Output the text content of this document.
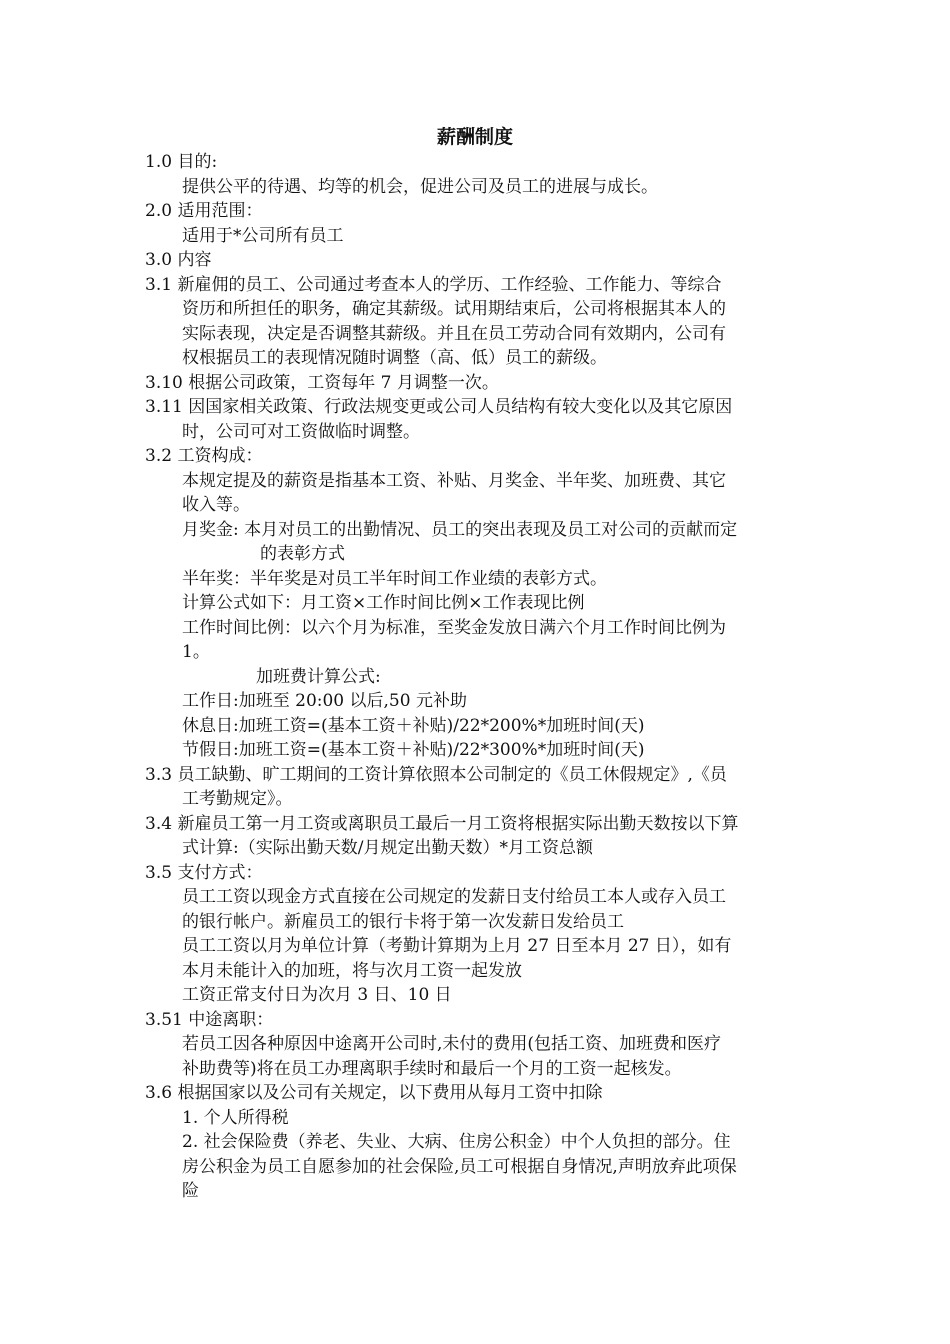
薪酬制度

1.0 目的:

提供公平的待遇、均等的机会，促进公司及员工的进展与成长。

2.0 适用范围：

适用于*公司所有员工

3.0 内容

3.1 新雇佣的员工、公司通过考查本人的学历、工作经验、工作能力、等综合

资历和所担任的职务，确定其薪级。试用期结束后，公司将根据其本人的

实际表现，决定是否调整其薪级。并且在员工劳动合同有效期内，公司有

权根据员工的表现情况随时调整（高、低）员工的薪级。

3.10 根据公司政策，工资每年 7 月调整一次。

3.11 因国家相关政策、行政法规变更或公司人员结构有较大变化以及其它原因

时，公司可对工资做临时调整。

3.2 工资构成：

本规定提及的薪资是指基本工资、补贴、月奖金、半年奖、加班费、其它

收入等。

月奖金: 本月对员工的出勤情况、员工的突出表现及员工对公司的贡献而定

的表彰方式

半年奖：半年奖是对员工半年时间工作业绩的表彰方式。

计算公式如下：月工资×工作时间比例×工作表现比例

工作时间比例：以六个月为标准，至奖金发放日满六个月工作时间比例为

1。

加班费计算公式:

工作日:加班至 20:00 以后,50 元补助

休息日:加班工资=(基本工资＋补贴)/22*200%*加班时间(天)

节假日:加班工资=(基本工资＋补贴)/22*300%*加班时间(天)

3.3 员工缺勤、旷工期间的工资计算依照本公司制定的《员工休假规定》,《员

工考勤规定》。

3.4 新雇员工第一月工资或离职员工最后一月工资将根据实际出勤天数按以下算

式计算:（实际出勤天数/月规定出勤天数）*月工资总额

3.5 支付方式：

员工工资以现金方式直接在公司规定的发薪日支付给员工本人或存入员工

的银行帐户。新雇员工的银行卡将于第一次发薪日发给员工

员工工资以月为单位计算（考勤计算期为上月 27 日至本月 27 日），如有

本月未能计入的加班，将与次月工资一起发放

工资正常支付日为次月 3 日、10 日

3.51 中途离职：

若员工因各种原因中途离开公司时,未付的费用(包括工资、加班费和医疗

补助费等)将在员工办理离职手续时和最后一个月的工资一起核发。

3.6 根据国家以及公司有关规定，以下费用从每月工资中扣除

1. 个人所得税

2. 社会保险费（养老、失业、大病、住房公积金）中个人负担的部分。住

房公积金为员工自愿参加的社会保险,员工可根据自身情况,声明放弃此项保

险
